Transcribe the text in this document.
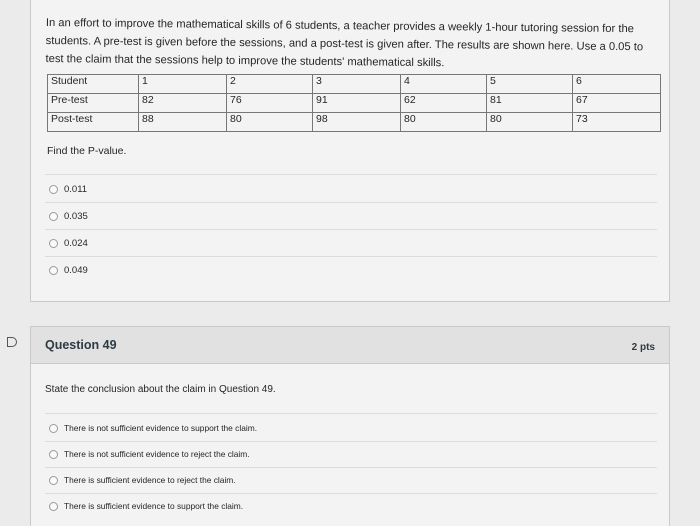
In an effort to improve the mathematical skills of 6 students, a teacher provides a weekly 1-hour tutoring session for the students. A pre-test is given before the sessions, and a post-test is given after. The results are shown here. Use a 0.05 to test the claim that the sessions help to improve the students' mathematical skills.
Student	1	2	3	4	5	6
Pre-test	82	76	91	62	81	67
Post-test	88	80	98	80	80	73
Find the P-value.
0.011
0.035
0.024
0.049
Question 49	2 pts
State the conclusion about the claim in Question 49.
There is not sufficient evidence to support the claim.
There is not sufficient evidence to reject the claim.
There is sufficient evidence to reject the claim.
There is sufficient evidence to support the claim.
